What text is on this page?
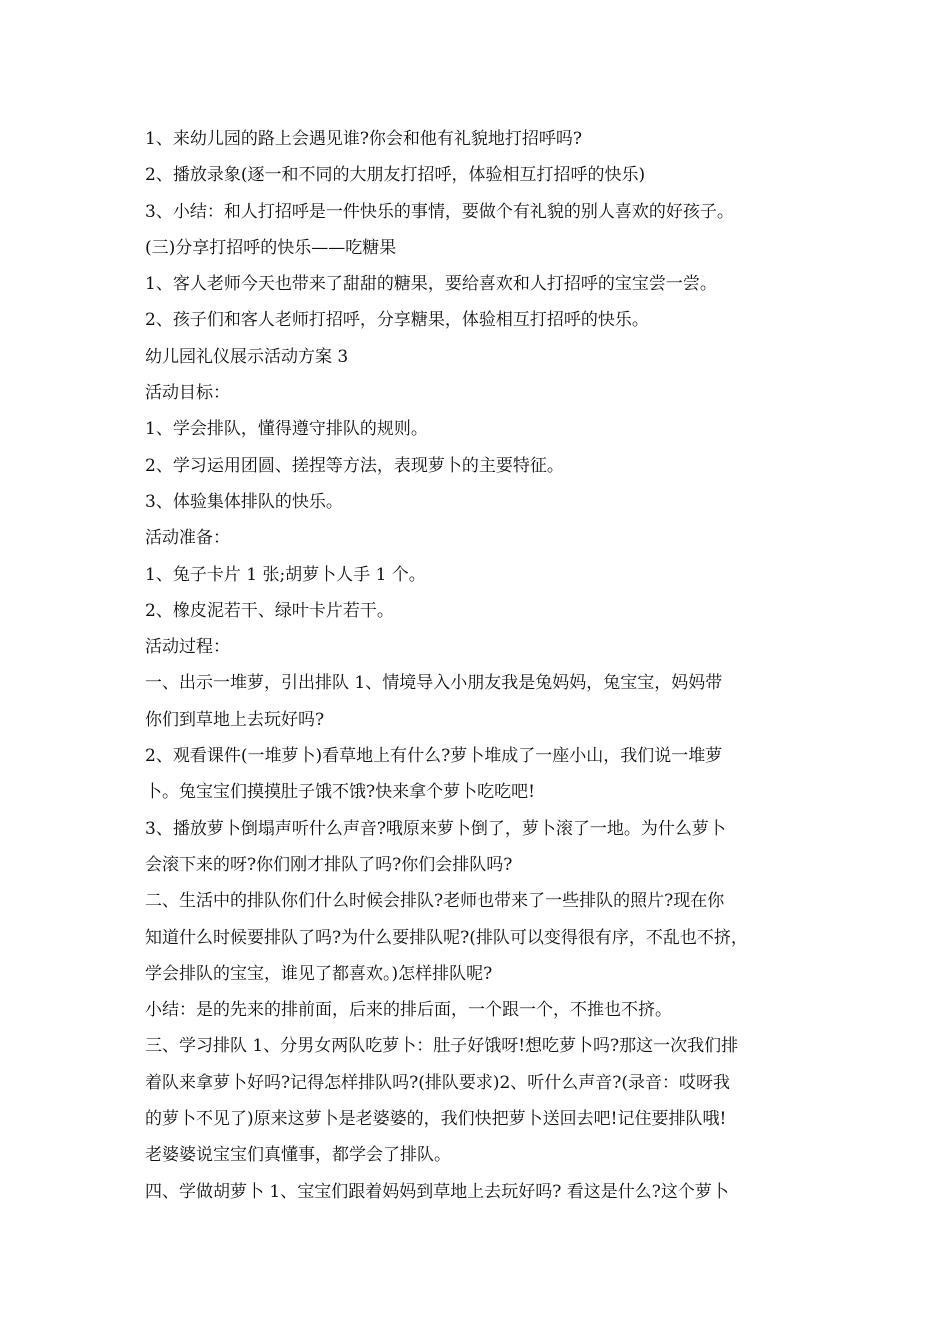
1、来幼儿园的路上会遇见谁?你会和他有礼貌地打招呼吗?
2、播放录象(逐一和不同的大朋友打招呼，体验相互打招呼的快乐)
3、小结：和人打招呼是一件快乐的事情，要做个有礼貌的别人喜欢的好孩子。
(三)分享打招呼的快乐——吃糖果
1、客人老师今天也带来了甜甜的糖果，要给喜欢和人打招呼的宝宝尝一尝。
2、孩子们和客人老师打招呼，分享糖果，体验相互打招呼的快乐。
幼儿园礼仪展示活动方案 3
活动目标：
1、学会排队，懂得遵守排队的规则。
2、学习运用团圆、搓捏等方法，表现萝卜的主要特征。
3、体验集体排队的快乐。
活动准备：
1、兔子卡片 1 张;胡萝卜人手 1 个。
2、橡皮泥若干、绿叶卡片若干。
活动过程：
一、出示一堆萝，引出排队 1、情境导入小朋友我是兔妈妈，兔宝宝，妈妈带
你们到草地上去玩好吗?
2、观看课件(一堆萝卜)看草地上有什么?萝卜堆成了一座小山，我们说一堆萝
卜。兔宝宝们摸摸肚子饿不饿?快来拿个萝卜吃吃吧!
3、播放萝卜倒塌声听什么声音?哦原来萝卜倒了，萝卜滚了一地。为什么萝卜
会滚下来的呀?你们刚才排队了吗?你们会排队吗?
二、生活中的排队你们什么时候会排队?老师也带来了一些排队的照片?现在你
知道什么时候要排队了吗?为什么要排队呢?(排队可以变得很有序，不乱也不挤，
学会排队的宝宝，谁见了都喜欢。)怎样排队呢?
小结：是的先来的排前面，后来的排后面，一个跟一个，不推也不挤。
三、学习排队 1、分男女两队吃萝卜：肚子好饿呀!想吃萝卜吗?那这一次我们排
着队来拿萝卜好吗?记得怎样排队吗?(排队要求)2、听什么声音?(录音：哎呀我
的萝卜不见了)原来这萝卜是老婆婆的，我们快把萝卜送回去吧!记住要排队哦!
老婆婆说宝宝们真懂事，都学会了排队。
四、学做胡萝卜 1、宝宝们跟着妈妈到草地上去玩好吗? 看这是什么?这个萝卜
